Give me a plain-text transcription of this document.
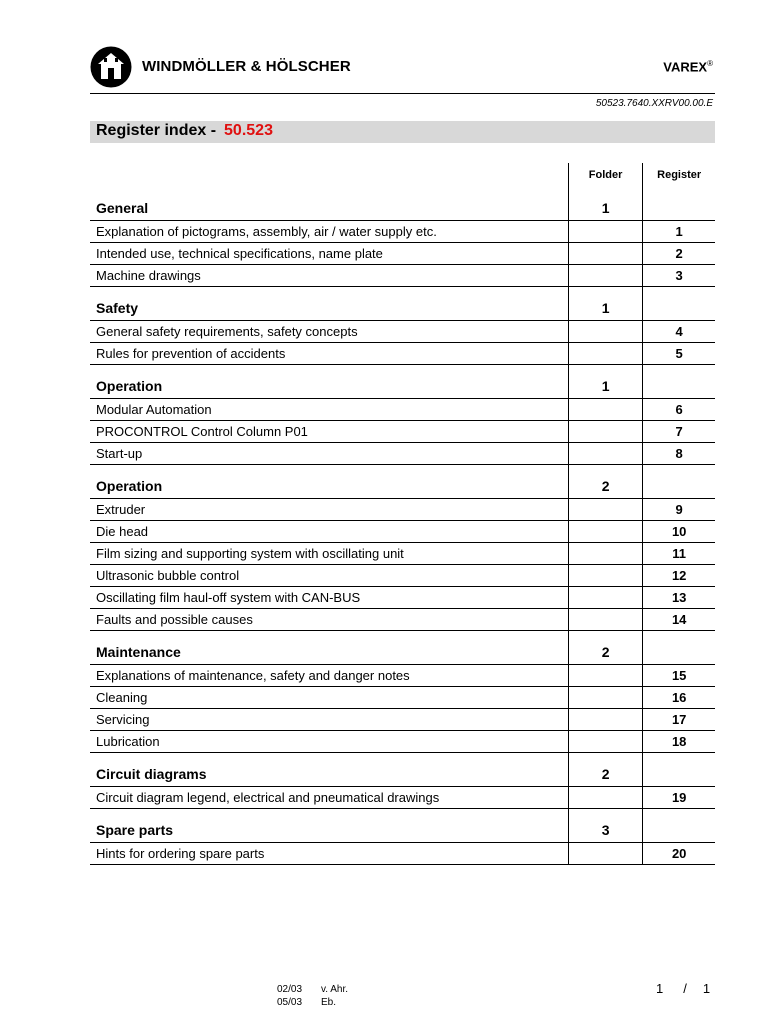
WINDMÖLLER & HÖLSCHER	VAREX®
50523.7640.XXRV00.00.E
Register index - 50.523
	Folder	Register
General	1	
Explanation of pictograms, assembly, air / water supply etc.		1
Intended use, technical specifications, name plate		2
Machine drawings		3
Safety	1	
General safety requirements, safety concepts		4
Rules for prevention of accidents		5
Operation	1	
Modular Automation		6
PROCONTROL Control Column P01		7
Start-up		8
Operation	2	
Extruder		9
Die head		10
Film sizing and supporting system with oscillating unit		11
Ultrasonic bubble control		12
Oscillating film haul-off system with CAN-BUS		13
Faults and possible causes		14
Maintenance	2	
Explanations of maintenance, safety and danger notes		15
Cleaning		16
Servicing		17
Lubrication		18
Circuit diagrams	2	
Circuit diagram legend, electrical and pneumatical drawings		19
Spare parts	3	
Hints for ordering spare parts		20
02/03 v. Ahr.
05/03 Eb.
1 / 1
